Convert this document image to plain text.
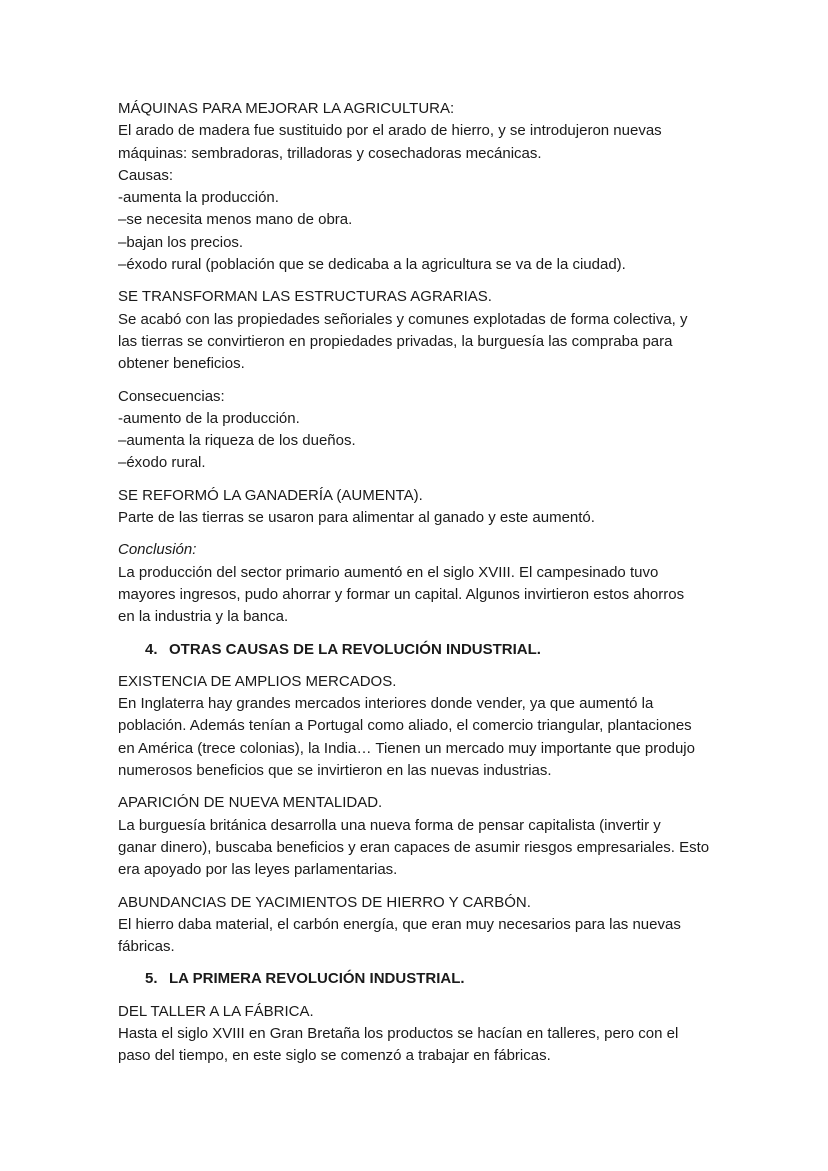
MÁQUINAS PARA MEJORAR LA AGRICULTURA:
El arado de madera fue sustituido por el arado de hierro, y se introdujeron nuevas
máquinas: sembradoras, trilladoras y cosechadoras mecánicas.
Causas:
-aumenta la producción.
–se necesita menos mano de obra.
–bajan los precios.
–éxodo rural (población que se dedicaba a la agricultura se va de la ciudad).
SE TRANSFORMAN LAS ESTRUCTURAS AGRARIAS.
Se acabó con las propiedades señoriales y comunes explotadas de forma colectiva, y
las tierras se convirtieron en propiedades privadas, la burguesía las compraba para
obtener beneficios.
Consecuencias:
-aumento de la producción.
–aumenta la riqueza de los dueños.
–éxodo rural.
SE REFORMÓ LA GANADERÍA (AUMENTA).
Parte de las tierras se usaron para alimentar al ganado y este aumentó.
Conclusión:
La producción del sector primario aumentó en el siglo XVIII. El campesinado tuvo
mayores ingresos, pudo ahorrar y formar un capital. Algunos invirtieron estos ahorros
en la industria y la banca.
4. OTRAS CAUSAS DE LA REVOLUCIÓN INDUSTRIAL.
EXISTENCIA DE AMPLIOS MERCADOS.
En Inglaterra hay grandes mercados interiores donde vender, ya que aumentó la
población. Además tenían a Portugal como aliado, el comercio triangular, plantaciones
en América (trece colonias), la India… Tienen un mercado muy importante que produjo
numerosos beneficios que se invirtieron en las nuevas industrias.
APARICIÓN DE NUEVA MENTALIDAD.
La burguesía británica desarrolla una nueva forma de pensar capitalista (invertir y
ganar dinero), buscaba beneficios y eran capaces de asumir riesgos empresariales. Esto
era apoyado por las leyes parlamentarias.
ABUNDANCIAS DE YACIMIENTOS DE HIERRO Y CARBÓN.
El hierro daba material, el carbón energía, que eran muy necesarios para las nuevas
fábricas.
5. LA PRIMERA REVOLUCIÓN INDUSTRIAL.
DEL TALLER A LA FÁBRICA.
Hasta el siglo XVIII en Gran Bretaña los productos se hacían en talleres, pero con el
paso del tiempo, en este siglo se comenzó a trabajar en fábricas.
